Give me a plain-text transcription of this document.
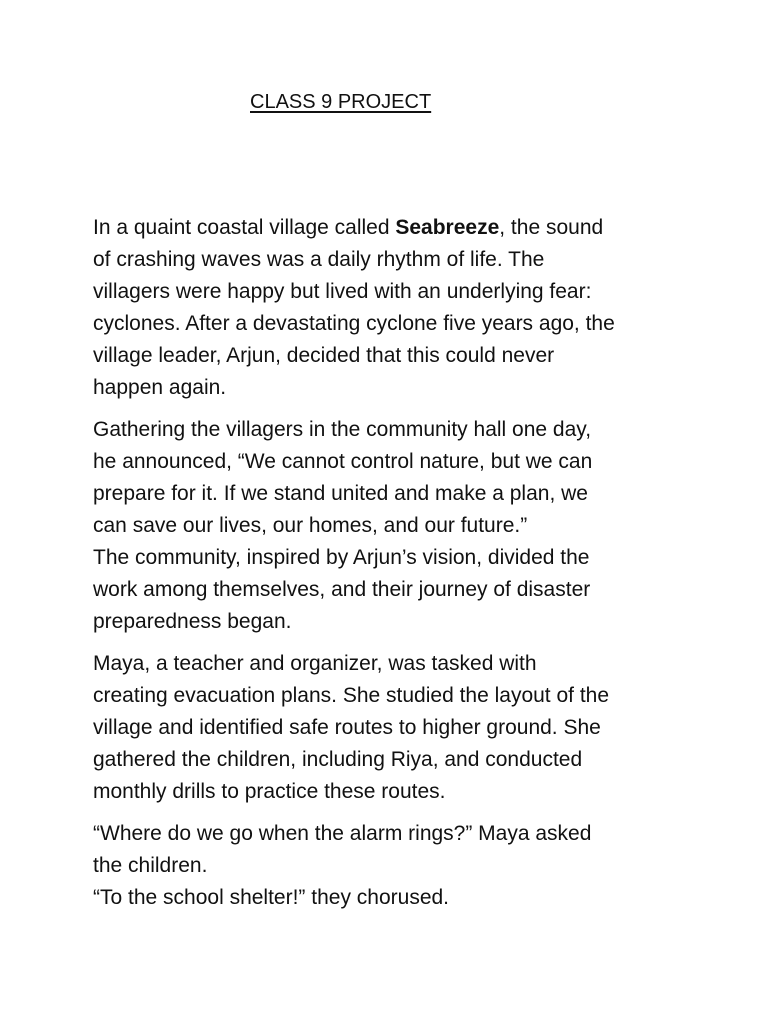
CLASS 9 PROJECT

In a quaint coastal village called Seabreeze, the sound
of crashing waves was a daily rhythm of life. The
villagers were happy but lived with an underlying fear:
cyclones. After a devastating cyclone five years ago, the
village leader, Arjun, decided that this could never
happen again.

Gathering the villagers in the community hall one day,
he announced, “We cannot control nature, but we can
prepare for it. If we stand united and make a plan, we
can save our lives, our homes, and our future.”
The community, inspired by Arjun’s vision, divided the
work among themselves, and their journey of disaster
preparedness began.

Maya, a teacher and organizer, was tasked with
creating evacuation plans. She studied the layout of the
village and identified safe routes to higher ground. She
gathered the children, including Riya, and conducted
monthly drills to practice these routes.

“Where do we go when the alarm rings?” Maya asked
the children.
“To the school shelter!” they chorused.
